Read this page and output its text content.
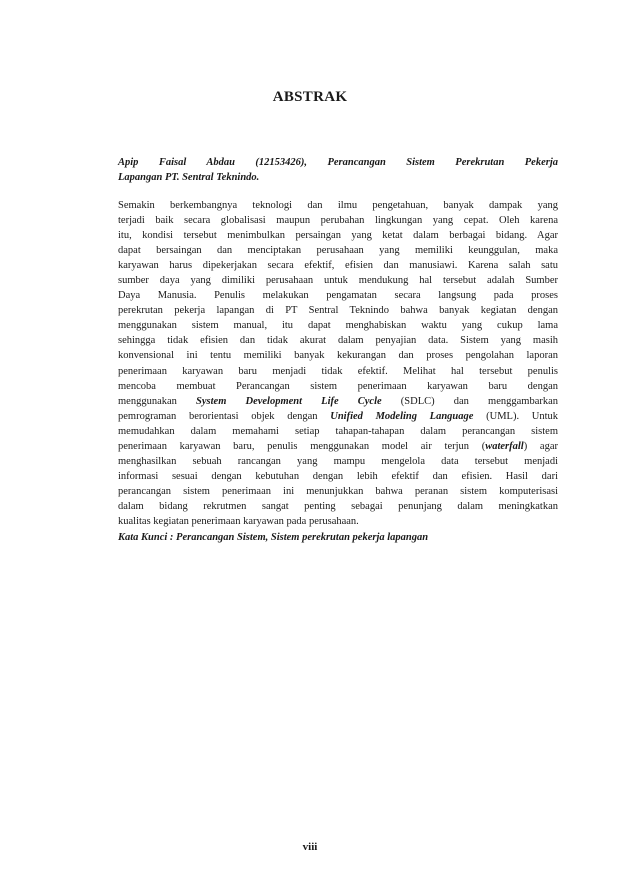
ABSTRAK
Apip Faisal Abdau (12153426), Perancangan Sistem Perekrutan Pekerja
Lapangan PT. Sentral Teknindo.
Semakin berkembangnya teknologi dan ilmu pengetahuan, banyak dampak yang
terjadi baik secara globalisasi maupun perubahan lingkungan yang cepat. Oleh karena
itu, kondisi tersebut menimbulkan persaingan yang ketat dalam berbagai bidang. Agar
dapat bersaingan dan menciptakan perusahaan yang memiliki keunggulan, maka
karyawan harus dipekerjakan secara efektif, efisien dan manusiawi. Karena salah satu
sumber daya yang dimiliki perusahaan untuk mendukung hal tersebut adalah Sumber
Daya Manusia. Penulis melakukan pengamatan secara langsung pada proses
perekrutan pekerja lapangan di PT Sentral Teknindo bahwa banyak kegiatan dengan
menggunakan sistem manual, itu dapat menghabiskan waktu yang cukup lama
sehingga tidak efisien dan tidak akurat dalam penyajian data. Sistem yang masih
konvensional ini tentu memiliki banyak kekurangan dan proses pengolahan laporan
penerimaan karyawan baru menjadi tidak efektif. Melihat hal tersebut penulis
mencoba membuat Perancangan sistem penerimaan karyawan baru dengan
menggunakan System Development Life Cycle (SDLC) dan menggambarkan
pemrograman berorientasi objek dengan Unified Modeling Language (UML). Untuk
memudahkan dalam memahami setiap tahapan-tahapan dalam perancangan sistem
penerimaan karyawan baru, penulis menggunakan model air terjun (waterfall) agar
menghasilkan sebuah rancangan yang mampu mengelola data tersebut menjadi
informasi sesuai dengan kebutuhan dengan lebih efektif dan efisien. Hasil dari
perancangan sistem penerimaan ini menunjukkan bahwa peranan sistem komputerisasi
dalam bidang rekrutmen sangat penting sebagai penunjang dalam meningkatkan
kualitas kegiatan penerimaan karyawan pada perusahaan.
Kata Kunci : Perancangan Sistem, Sistem perekrutan pekerja lapangan
viii
